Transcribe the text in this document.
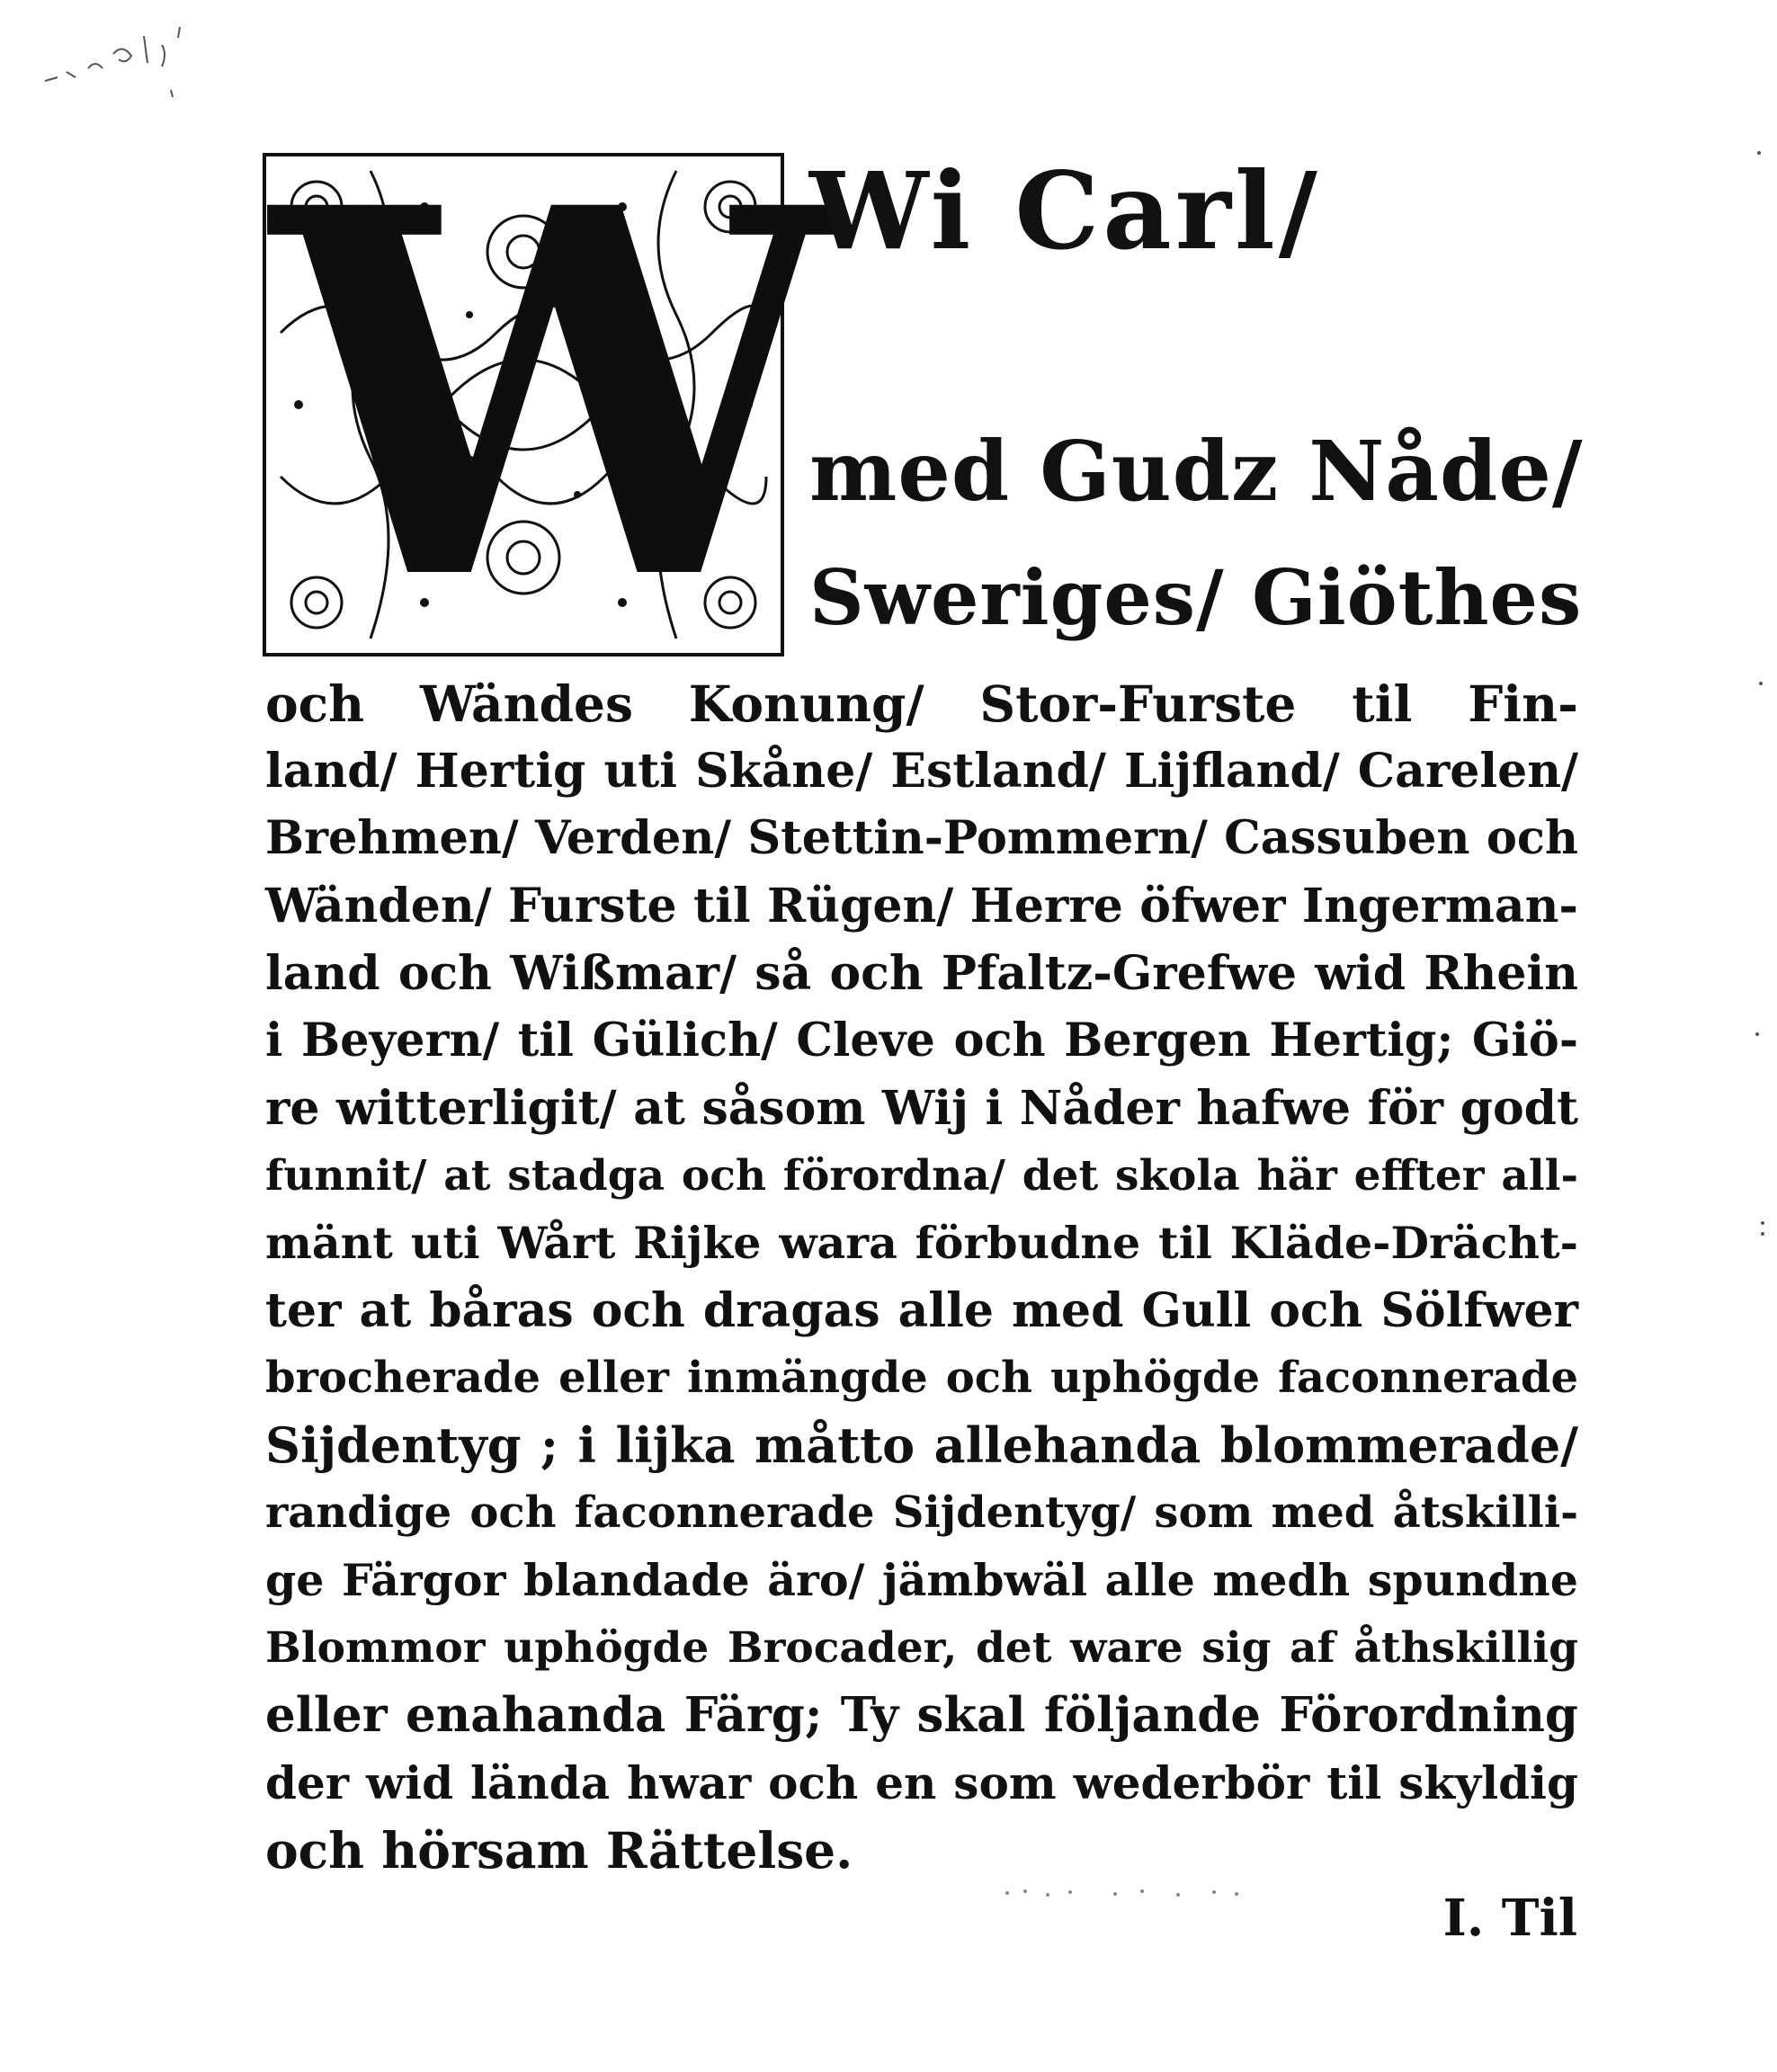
W
Wi Carl/
med Gudz Nåde/
Sweriges/ Giöthes
och Wändes Konung/ Stor-Furste til Fin-
land/ Hertig uti Skåne/ Estland/ Lijfland/ Carelen/
Brehmen/ Verden/ Stettin-Pommern/ Cassuben och
Wänden/ Furste til Rügen/ Herre öfwer Ingerman-
land och Wißmar/ så och Pfaltz-Grefwe wid Rhein
i Beyern/ til Gülich/ Cleve och Bergen Hertig; Giö-
re witterligit/ at såsom Wij i Nåder hafwe för godt
funnit/ at stadga och förordna/ det skola här effter all-
mänt uti Wårt Rijke wara förbudne til Kläde-Drächt-
ter at båras och dragas alle med Gull och Sölfwer
brocherade eller inmängde och uphögde faconnerade
Sijdentyg ; i lijka måtto allehanda blommerade/
randige och faconnerade Sijdentyg/ som med åtskilli-
ge Färgor blandade äro/ jämbwäl alle medh spundne
Blommor uphögde Brocader, det ware sig af åthskillig
eller enahanda Färg; Ty skal följande Förordning
der wid lända hwar och en som wederbör til skyldig
och hörsam Rättelse.
I. Til
